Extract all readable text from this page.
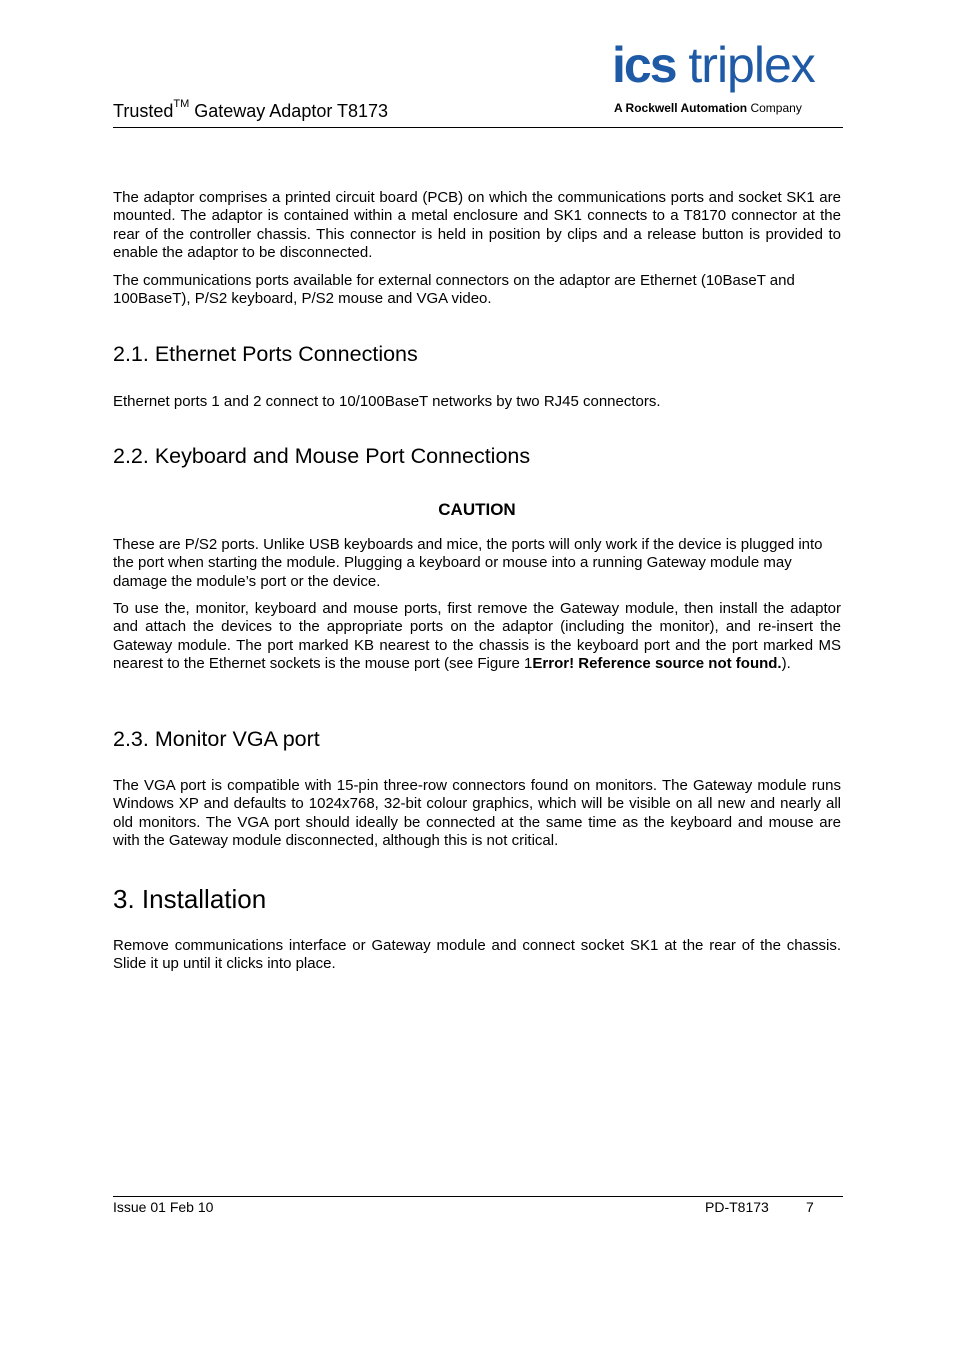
Trusted™ Gateway Adaptor T8173
ics triplex
A Rockwell Automation Company
The adaptor comprises a printed circuit board (PCB) on which the communications ports and socket SK1 are mounted. The adaptor is contained within a metal enclosure and SK1 connects to a T8170 connector at the rear of the controller chassis. This connector is held in position by clips and a release button is provided to enable the adaptor to be disconnected.
The communications ports available for external connectors on the adaptor are Ethernet (10BaseT and 100BaseT), P/S2 keyboard, P/S2 mouse and VGA video.
2.1. Ethernet Ports Connections
Ethernet ports 1 and 2 connect to 10/100BaseT networks by two RJ45 connectors.
2.2. Keyboard and Mouse Port Connections
CAUTION
These are P/S2 ports. Unlike USB keyboards and mice, the ports will only work if the device is plugged into the port when starting the module. Plugging a keyboard or mouse into a running Gateway module may damage the module’s port or the device.
To use the, monitor, keyboard and mouse ports, first remove the Gateway module, then install the adaptor and attach the devices to the appropriate ports on the adaptor (including the monitor), and re-insert the Gateway module. The port marked KB nearest to the chassis is the keyboard port and the port marked MS nearest to the Ethernet sockets is the mouse port (see Figure 1Error! Reference source not found.).
2.3. Monitor VGA port
The VGA port is compatible with 15-pin three-row connectors found on monitors. The Gateway module runs Windows XP and defaults to 1024x768, 32-bit colour graphics, which will be visible on all new and nearly all old monitors. The VGA port should ideally be connected at the same time as the keyboard and mouse are with the Gateway module disconnected, although this is not critical.
3. Installation
Remove communications interface or Gateway module and connect socket SK1 at the rear of the chassis. Slide it up until it clicks into place.
Issue 01 Feb 10	PD-T8173	7
